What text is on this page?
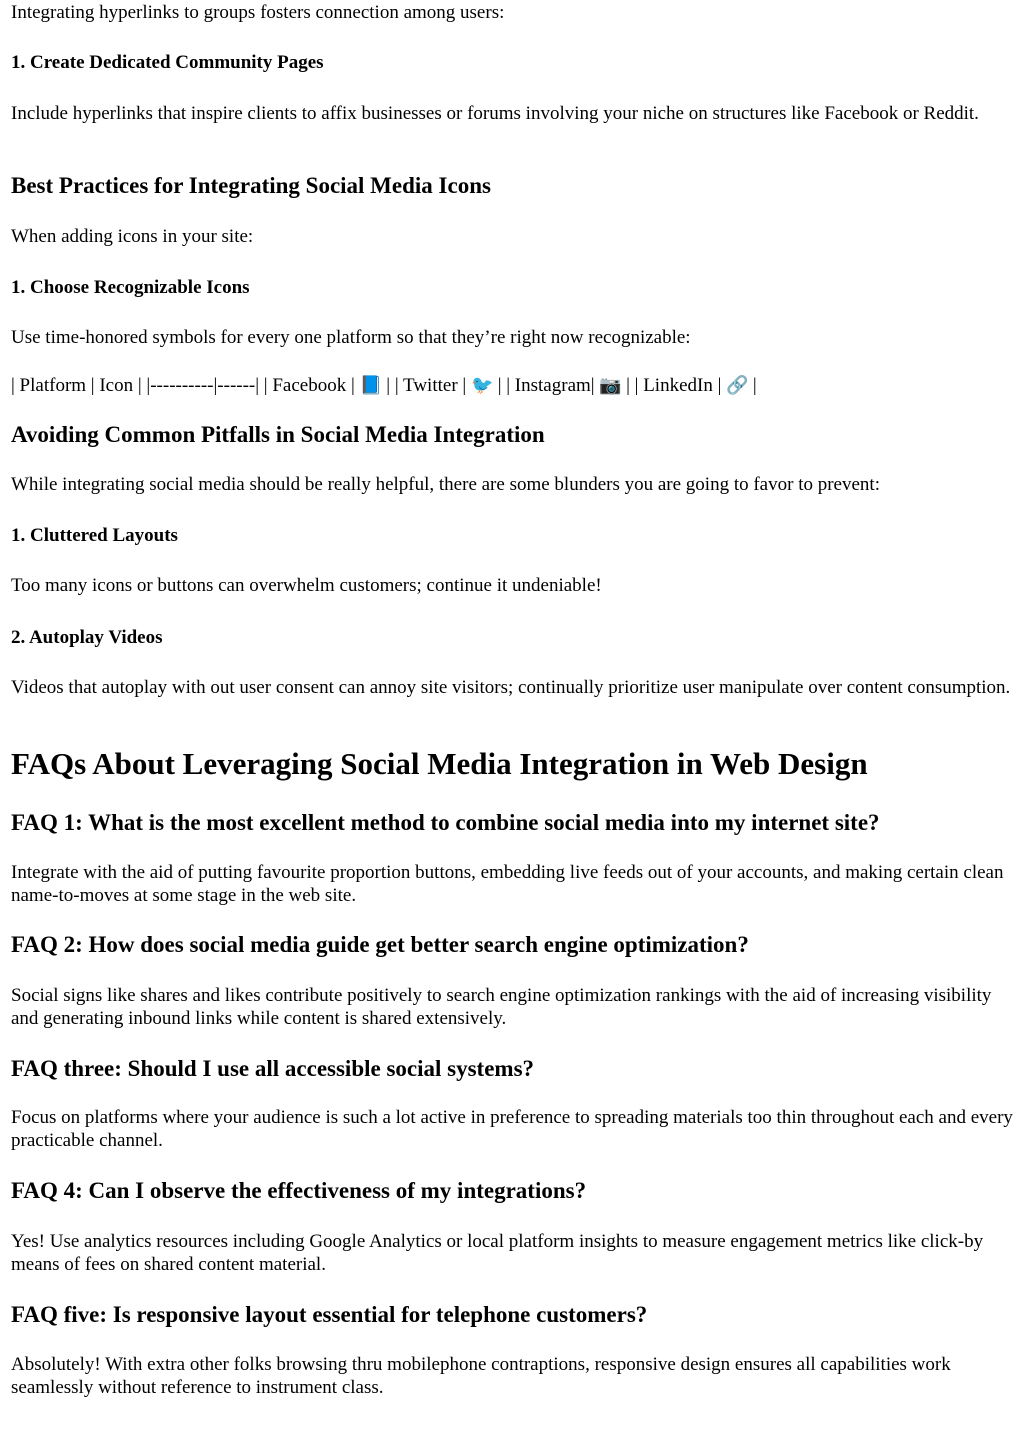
Integrating hyperlinks to groups fosters connection among users:

1. Create Dedicated Community Pages

Include hyperlinks that inspire clients to affix businesses or forums involving your niche on structures like Facebook or Reddit.

Best Practices for Integrating Social Media Icons

When adding icons in your site:

1. Choose Recognizable Icons

Use time-honored symbols for every one platform so that they’re right now recognizable:

| Platform | Icon | |----------|------| | Facebook | 📘 | | Twitter | 🐦 | | Instagram| 📷 | | LinkedIn | 🔗 |

Avoiding Common Pitfalls in Social Media Integration

While integrating social media should be really helpful, there are some blunders you are going to favor to prevent:

1. Cluttered Layouts

Too many icons or buttons can overwhelm customers; continue it undeniable!

2. Autoplay Videos

Videos that autoplay with out user consent can annoy site visitors; continually prioritize user manipulate over content consumption.

FAQs About Leveraging Social Media Integration in Web Design
FAQ 1: What is the most excellent method to combine social media into my internet site?

Integrate with the aid of putting favourite proportion buttons, embedding live feeds out of your accounts, and making certain clean name-to-moves at some stage in the web site.

FAQ 2: How does social media guide get better search engine optimization?

Social signs like shares and likes contribute positively to search engine optimization rankings with the aid of increasing visibility and generating inbound links while content is shared extensively.

FAQ three: Should I use all accessible social systems?

Focus on platforms where your audience is such a lot active in preference to spreading materials too thin throughout each and every practicable channel.

FAQ 4: Can I observe the effectiveness of my integrations?

Yes! Use analytics resources including Google Analytics or local platform insights to measure engagement metrics like click-by means of fees on shared content material.

FAQ five: Is responsive layout essential for telephone customers?

Absolutely! With extra other folks browsing thru mobilephone contraptions, responsive design ensures all capabilities work seamlessly without reference to instrument class.
